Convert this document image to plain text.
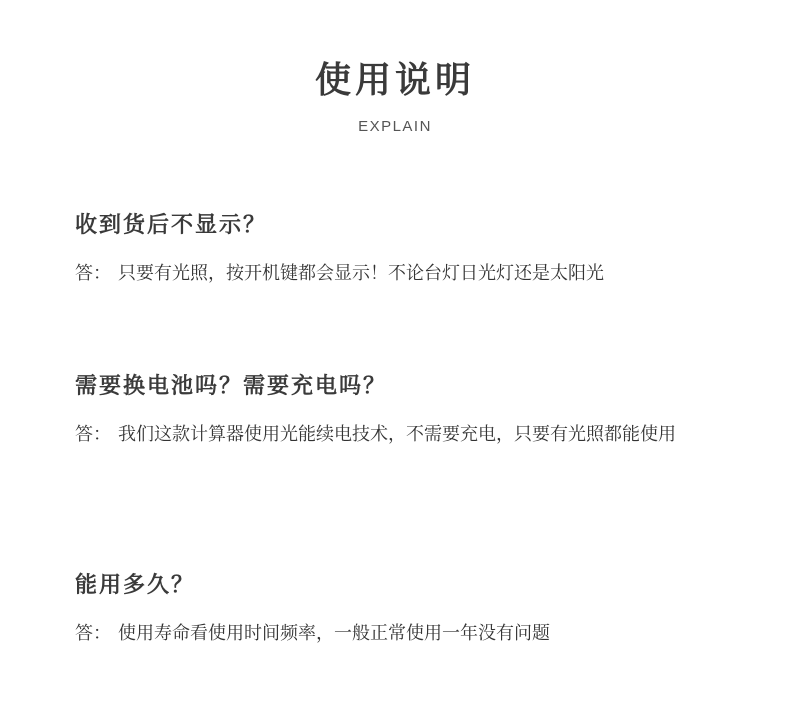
使用说明
EXPLAIN
收到货后不显示？
答： 只要有光照，按开机键都会显示！不论台灯日光灯还是太阳光
需要换电池吗？需要充电吗？
答： 我们这款计算器使用光能续电技术，不需要充电，只要有光照都能使用
能用多久？
答： 使用寿命看使用时间频率，一般正常使用一年没有问题
